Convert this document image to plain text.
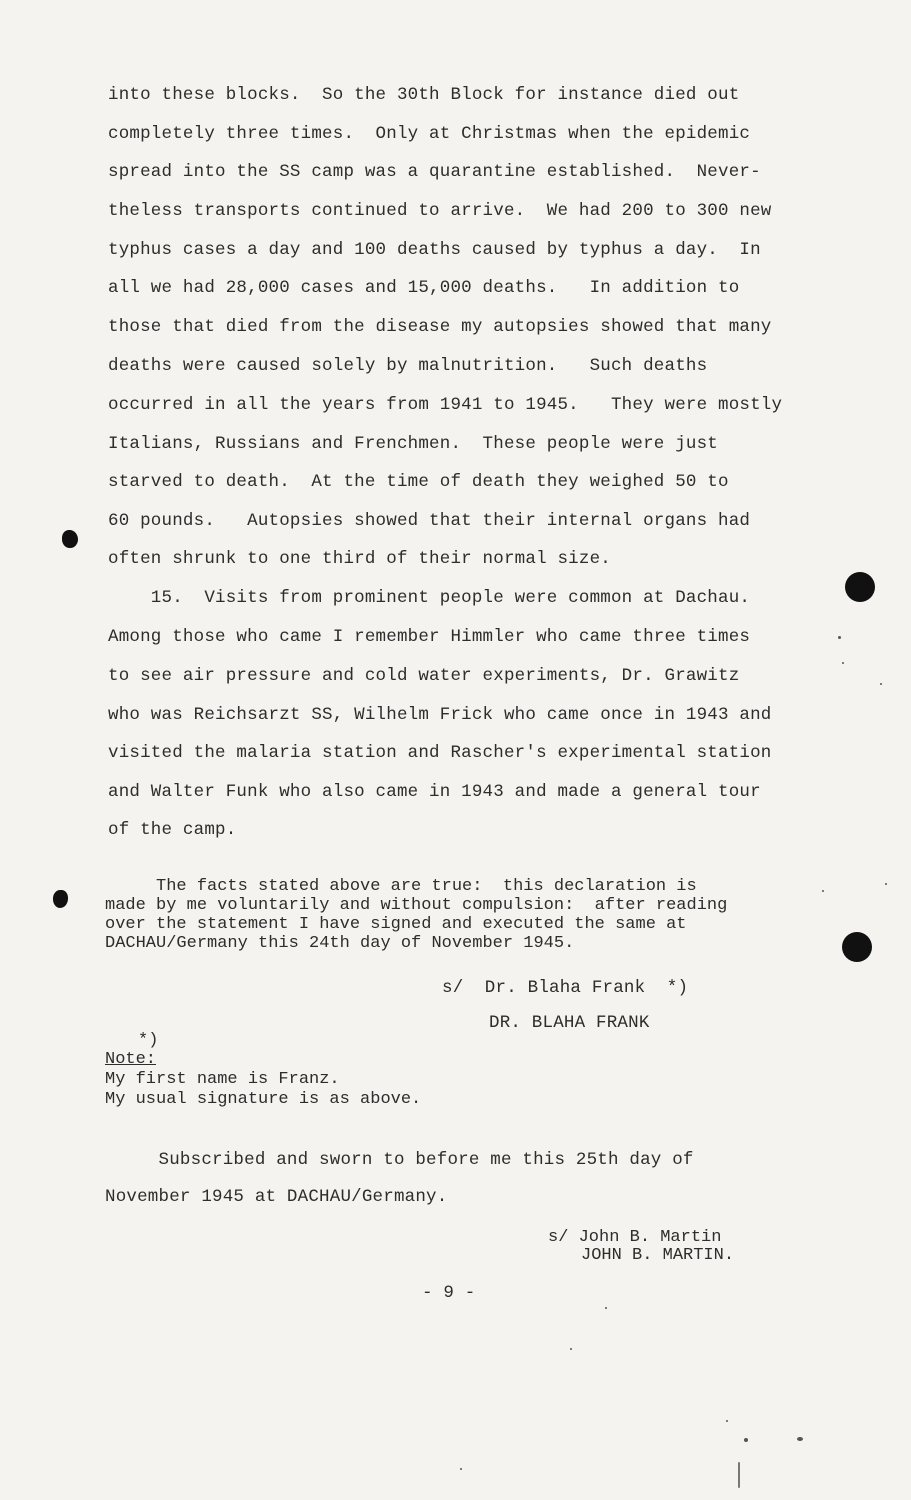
into these blocks.  So the 30th Block for instance died out
completely three times.  Only at Christmas when the epidemic
spread into the SS camp was a quarantine established.  Never-
theless transports continued to arrive.  We had 200 to 300 new
typhus cases a day and 100 deaths caused by typhus a day.  In
all we had 28,000 cases and 15,000 deaths.   In addition to
those that died from the disease my autopsies showed that many
deaths were caused solely by malnutrition.   Such deaths
occurred in all the years from 1941 to 1945.   They were mostly
Italians, Russians and Frenchmen.  These people were just
starved to death.  At the time of death they weighed 50 to
60 pounds.   Autopsies showed that their internal organs had
often shrunk to one third of their normal size.
15.  Visits from prominent people were common at Dachau.
Among those who came I remember Himmler who came three times
to see air pressure and cold water experiments, Dr. Grawitz
who was Reichsarzt SS, Wilhelm Frick who came once in 1943 and
visited the malaria station and Rascher's experimental station
and Walter Funk who also came in 1943 and made a general tour
of the camp.
The facts stated above are true:  this declaration is
made by me voluntarily and without compulsion:  after reading
over the statement I have signed and executed the same at
DACHAU/Germany this 24th day of November 1945.
s/  Dr. Blaha Frank  *)
DR. BLAHA FRANK
*)
Note:
My first name is Franz.
My usual signature is as above.
Subscribed and sworn to before me this 25th day of
November 1945 at DACHAU/Germany.
s/ John B. Martin
JOHN B. MARTIN.
- 9 -
